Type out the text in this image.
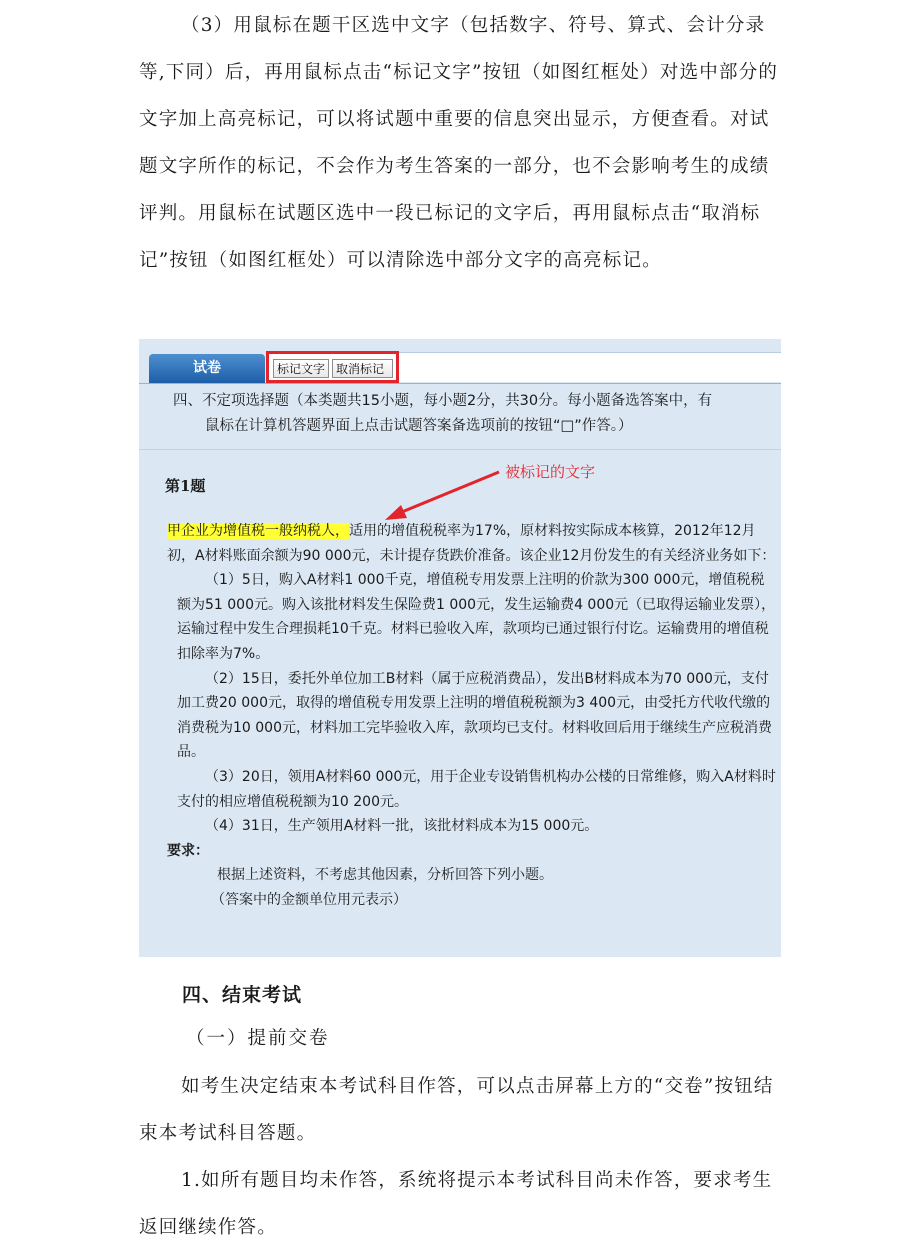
（3）用鼠标在题干区选中文字（包括数字、符号、算式、会计分录等,下同）后，再用鼠标点击“标记文字”按钮（如图红框处）对选中部分的文字加上高亮标记，可以将试题中重要的信息突出显示，方便查看。对试题文字所作的标记，不会作为考生答案的一部分，也不会影响考生的成绩评判。用鼠标在试题区选中一段已标记的文字后，再用鼠标点击“取消标记”按钮（如图红框处）可以清除选中部分文字的高亮标记。

试卷	标记文字 取消标记
四、不定项选择题（本类题共15小题，每小题2分，共30分。每小题备选答案中，有
鼠标在计算机答题界面上点击试题答案备选项前的按钮“□”作答。）
第1题
被标记的文字

甲企业为增值税一般纳税人，适用的增值税税率为17%，原材料按实际成本核算，2012年12月初，A材料账面余额为90 000元，未计提存货跌价准备。该企业12月份发生的有关经济业务如下：

（1）5日，购入A材料1 000千克，增值税专用发票上注明的价款为300 000元，增值税税额为51 000元。购入该批材料发生保险费1 000元，发生运输费4 000元（已取得运输业发票），运输过程中发生合理损耗10千克。材料已验收入库，款项均已通过银行付讫。运输费用的增值税扣除率为7%。

（2）15日，委托外单位加工B材料（属于应税消费品），发出B材料成本为70 000元，支付加工费20 000元，取得的增值税专用发票上注明的增值税税额为3 400元，由受托方代收代缴的消费税为10 000元，材料加工完毕验收入库，款项均已支付。材料收回后用于继续生产应税消费品。

（3）20日，领用A材料60 000元，用于企业专设销售机构办公楼的日常维修，购入A材料时支付的相应增值税税额为10 200元。

（4）31日，生产领用A材料一批，该批材料成本为15 000元。

要求：

根据上述资料，不考虑其他因素，分析回答下列小题。

（答案中的金额单位用元表示）

四、结束考试

（一）提前交卷

如考生决定结束本考试科目作答，可以点击屏幕上方的“交卷”按钮结束本考试科目答题。

1.如所有题目均未作答，系统将提示本考试科目尚未作答，要求考生返回继续作答。
